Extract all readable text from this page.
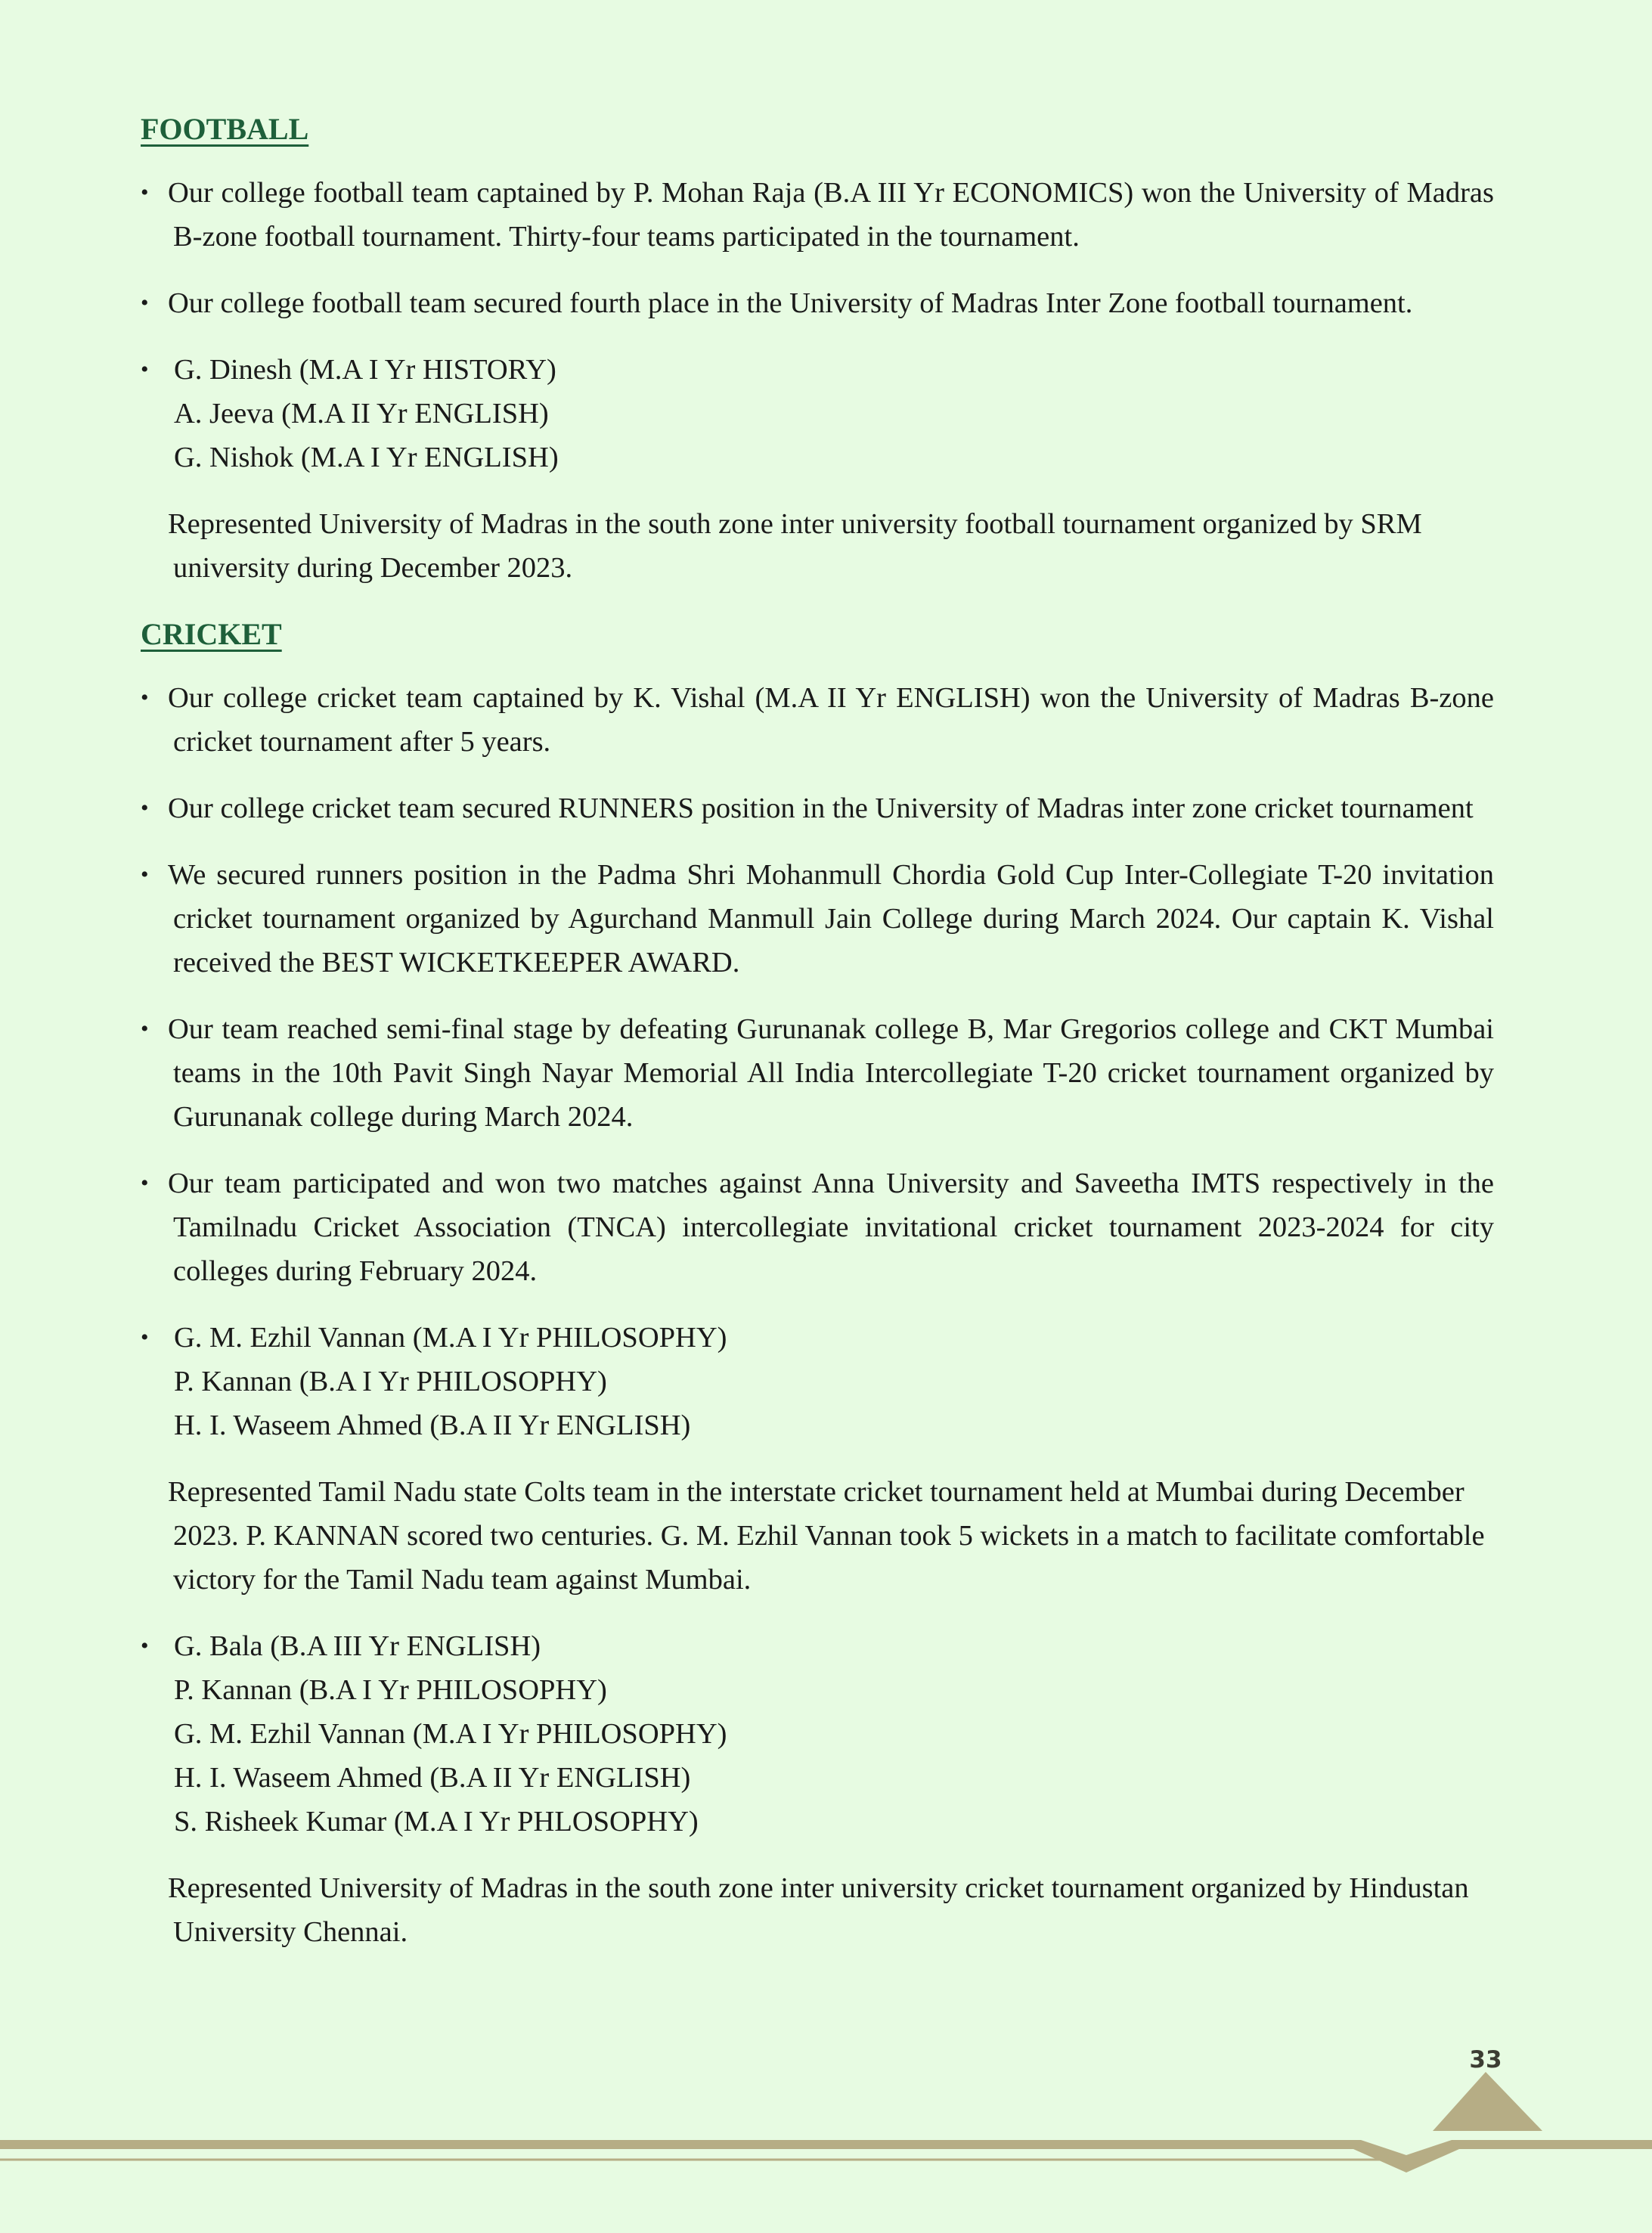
FOOTBALL
• Our college football team captained by P. Mohan Raja (B.A III Yr ECONOMICS) won the University of Madras B-zone football tournament. Thirty-four teams participated in the tournament.

• Our college football team secured fourth place in the University of Madras Inter Zone football tournament.

• G. Dinesh (M.A I Yr HISTORY)
A. Jeeva (M.A II Yr ENGLISH)
G. Nishok (M.A I Yr ENGLISH)

Represented University of Madras in the south zone inter university football tournament organized by SRM university during December 2023.

CRICKET
• Our college cricket team captained by K. Vishal (M.A II Yr ENGLISH) won the University of Madras B-zone cricket tournament after 5 years.

• Our college cricket team secured RUNNERS position in the University of Madras inter zone cricket tournament

• We secured runners position in the Padma Shri Mohanmull Chordia Gold Cup Inter-Collegiate T-20 invitation cricket tournament organized by Agurchand Manmull Jain College during March 2024. Our captain K. Vishal received the BEST WICKETKEEPER AWARD.

• Our team reached semi-final stage by defeating Gurunanak college B, Mar Gregorios college and CKT Mumbai teams in the 10th Pavit Singh Nayar Memorial All India Intercollegiate T-20 cricket tournament organized by Gurunanak college during March 2024.

• Our team participated and won two matches against Anna University and Saveetha IMTS respectively in the Tamilnadu Cricket Association (TNCA) intercollegiate invitational cricket tournament 2023-2024 for city colleges during February 2024.

• G. M. Ezhil Vannan (M.A I Yr PHILOSOPHY)
P. Kannan (B.A I Yr PHILOSOPHY)
H. I. Waseem Ahmed (B.A II Yr ENGLISH)

Represented Tamil Nadu state Colts team in the interstate cricket tournament held at Mumbai during December 2023. P. KANNAN scored two centuries. G. M. Ezhil Vannan took 5 wickets in a match to facilitate comfortable victory for the Tamil Nadu team against Mumbai.

• G. Bala (B.A III Yr ENGLISH)
P. Kannan (B.A I Yr PHILOSOPHY)
G. M. Ezhil Vannan (M.A I Yr PHILOSOPHY)
H. I. Waseem Ahmed (B.A II Yr ENGLISH)
S. Risheek Kumar (M.A I Yr PHLOSOPHY)

Represented University of Madras in the south zone inter university cricket tournament organized by Hindustan University Chennai.

33
